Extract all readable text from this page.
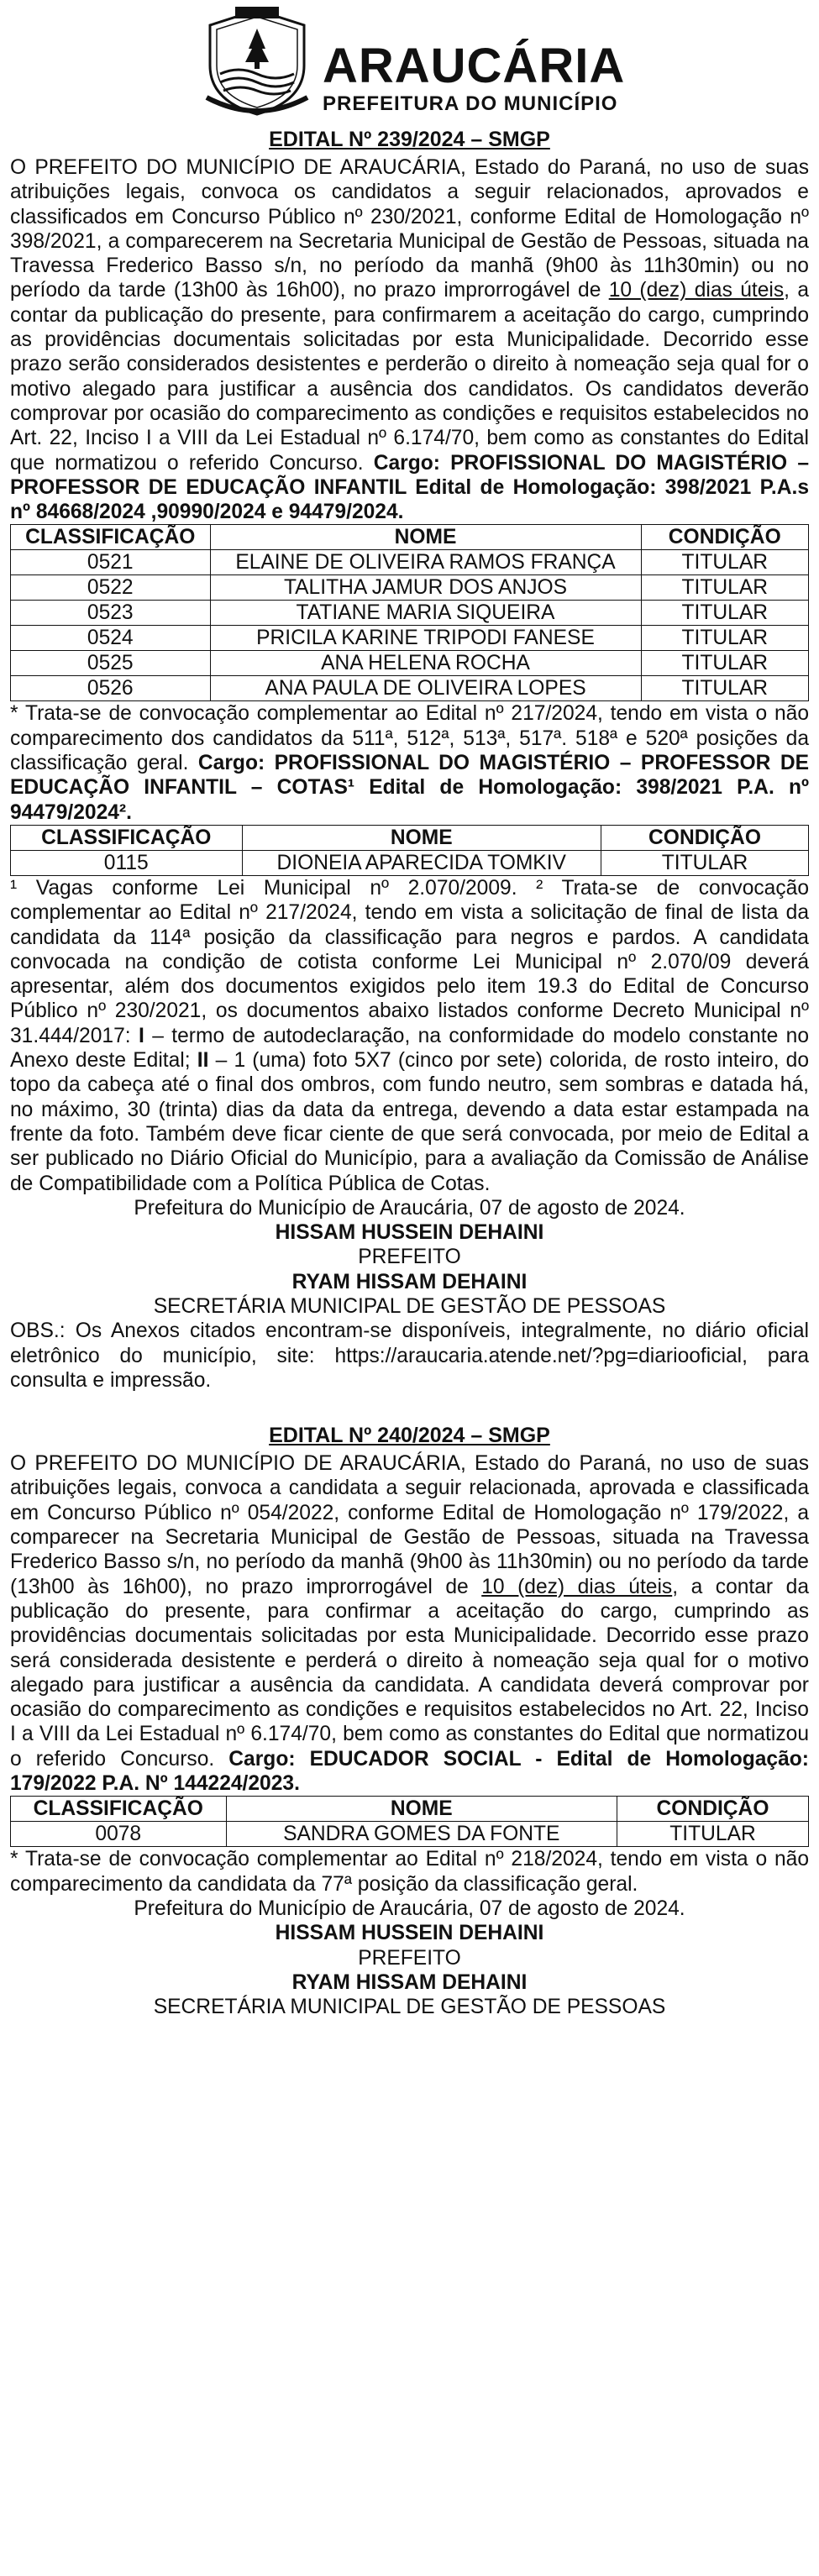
ARAUCÁRIA
PREFEITURA DO MUNICÍPIO
EDITAL Nº 239/2024 – SMGP

O PREFEITO DO MUNICÍPIO DE ARAUCÁRIA, Estado do Paraná, no uso de suas atribuições legais, convoca os candidatos a seguir relacionados, aprovados e classificados em Concurso Público nº 230/2021, conforme Edital de Homologação nº 398/2021, a comparecerem na Secretaria Municipal de Gestão de Pessoas, situada na Travessa Frederico Basso s/n, no período da manhã (9h00 às 11h30min) ou no período da tarde (13h00 às 16h00), no prazo improrrogável de 10 (dez) dias úteis, a contar da publicação do presente, para confirmarem a aceitação do cargo, cumprindo as providências documentais solicitadas por esta Municipalidade. Decorrido esse prazo serão considerados desistentes e perderão o direito à nomeação seja qual for o motivo alegado para justificar a ausência dos candidatos. Os candidatos deverão comprovar por ocasião do comparecimento as condições e requisitos estabelecidos no Art. 22, Inciso I a VIII da Lei Estadual nº 6.174/70, bem como as constantes do Edital que normatizou o referido Concurso. Cargo: PROFISSIONAL DO MAGISTÉRIO – PROFESSOR DE EDUCAÇÃO INFANTIL Edital de Homologação: 398/2021 P.A.s nº 84668/2024 ,90990/2024 e 94479/2024.

CLASSIFICAÇÃO	NOME	CONDIÇÃO
0521	ELAINE DE OLIVEIRA RAMOS FRANÇA	TITULAR
0522	TALITHA JAMUR DOS ANJOS	TITULAR
0523	TATIANE MARIA SIQUEIRA	TITULAR
0524	PRICILA KARINE TRIPODI FANESE	TITULAR
0525	ANA HELENA ROCHA	TITULAR
0526	ANA PAULA DE OLIVEIRA LOPES	TITULAR

* Trata-se de convocação complementar ao Edital nº 217/2024, tendo em vista o não comparecimento dos candidatos da 511ª, 512ª, 513ª, 517ª. 518ª e 520ª posições da classificação geral. Cargo: PROFISSIONAL DO MAGISTÉRIO – PROFESSOR DE EDUCAÇÃO INFANTIL – COTAS¹ Edital de Homologação: 398/2021 P.A. nº 94479/2024².

CLASSIFICAÇÃO	NOME	CONDIÇÃO
0115	DIONEIA APARECIDA TOMKIV	TITULAR

¹ Vagas conforme Lei Municipal nº 2.070/2009. ² Trata-se de convocação complementar ao Edital nº 217/2024, tendo em vista a solicitação de final de lista da candidata da 114ª posição da classificação para negros e pardos. A candidata convocada na condição de cotista conforme Lei Municipal nº 2.070/09 deverá apresentar, além dos documentos exigidos pelo item 19.3 do Edital de Concurso Público nº 230/2021, os documentos abaixo listados conforme Decreto Municipal nº 31.444/2017: I – termo de autodeclaração, na conformidade do modelo constante no Anexo deste Edital; II – 1 (uma) foto 5X7 (cinco por sete) colorida, de rosto inteiro, do topo da cabeça até o final dos ombros, com fundo neutro, sem sombras e datada há, no máximo, 30 (trinta) dias da data da entrega, devendo a data estar estampada na frente da foto. Também deve ficar ciente de que será convocada, por meio de Edital a ser publicado no Diário Oficial do Município, para a avaliação da Comissão de Análise de Compatibilidade com a Política Pública de Cotas.

Prefeitura do Município de Araucária, 07 de agosto de 2024.
HISSAM HUSSEIN DEHAINI
PREFEITO
RYAM HISSAM DEHAINI
SECRETÁRIA MUNICIPAL DE GESTÃO DE PESSOAS

OBS.: Os Anexos citados encontram-se disponíveis, integralmente, no diário oficial eletrônico do município, site: https://araucaria.atende.net/?pg=diariooficial, para consulta e impressão.

EDITAL Nº 240/2024 – SMGP

O PREFEITO DO MUNICÍPIO DE ARAUCÁRIA, Estado do Paraná, no uso de suas atribuições legais, convoca a candidata a seguir relacionada, aprovada e classificada em Concurso Público nº 054/2022, conforme Edital de Homologação nº 179/2022, a comparecer na Secretaria Municipal de Gestão de Pessoas, situada na Travessa Frederico Basso s/n, no período da manhã (9h00 às 11h30min) ou no período da tarde (13h00 às 16h00), no prazo improrrogável de 10 (dez) dias úteis, a contar da publicação do presente, para confirmar a aceitação do cargo, cumprindo as providências documentais solicitadas por esta Municipalidade. Decorrido esse prazo será considerada desistente e perderá o direito à nomeação seja qual for o motivo alegado para justificar a ausência da candidata. A candidata deverá comprovar por ocasião do comparecimento as condições e requisitos estabelecidos no Art. 22, Inciso I a VIII da Lei Estadual nº 6.174/70, bem como as constantes do Edital que normatizou o referido Concurso. Cargo: EDUCADOR SOCIAL - Edital de Homologação: 179/2022 P.A. Nº 144224/2023.

CLASSIFICAÇÃO	NOME	CONDIÇÃO
0078	SANDRA GOMES DA FONTE	TITULAR

* Trata-se de convocação complementar ao Edital nº 218/2024, tendo em vista o não comparecimento da candidata da 77ª posição da classificação geral.

Prefeitura do Município de Araucária, 07 de agosto de 2024.
HISSAM HUSSEIN DEHAINI
PREFEITO
RYAM HISSAM DEHAINI
SECRETÁRIA MUNICIPAL DE GESTÃO DE PESSOAS
